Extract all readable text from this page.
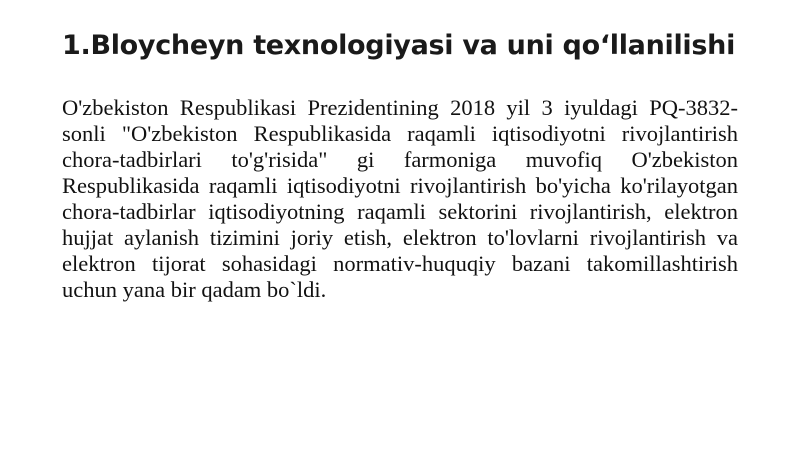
1.Bloycheyn texnologiyasi va uni qo‘llanilishi

O'zbekiston Respublikasi Prezidentining 2018 yil 3 iyuldagi PQ-3832-sonli "O'zbekiston Respublikasida raqamli iqtisodiyotni rivojlantirish chora-tadbirlari to'g'risida" gi farmoniga muvofiq O'zbekiston Respublikasida raqamli iqtisodiyotni rivojlantirish bo'yicha ko'rilayotgan chora-tadbirlar iqtisodiyotning raqamli sektorini rivojlantirish, elektron hujjat aylanish tizimini joriy etish, elektron to'lovlarni rivojlantirish va elektron tijorat sohasidagi normativ-huquqiy bazani takomillashtirish uchun yana bir qadam bo`ldi.
